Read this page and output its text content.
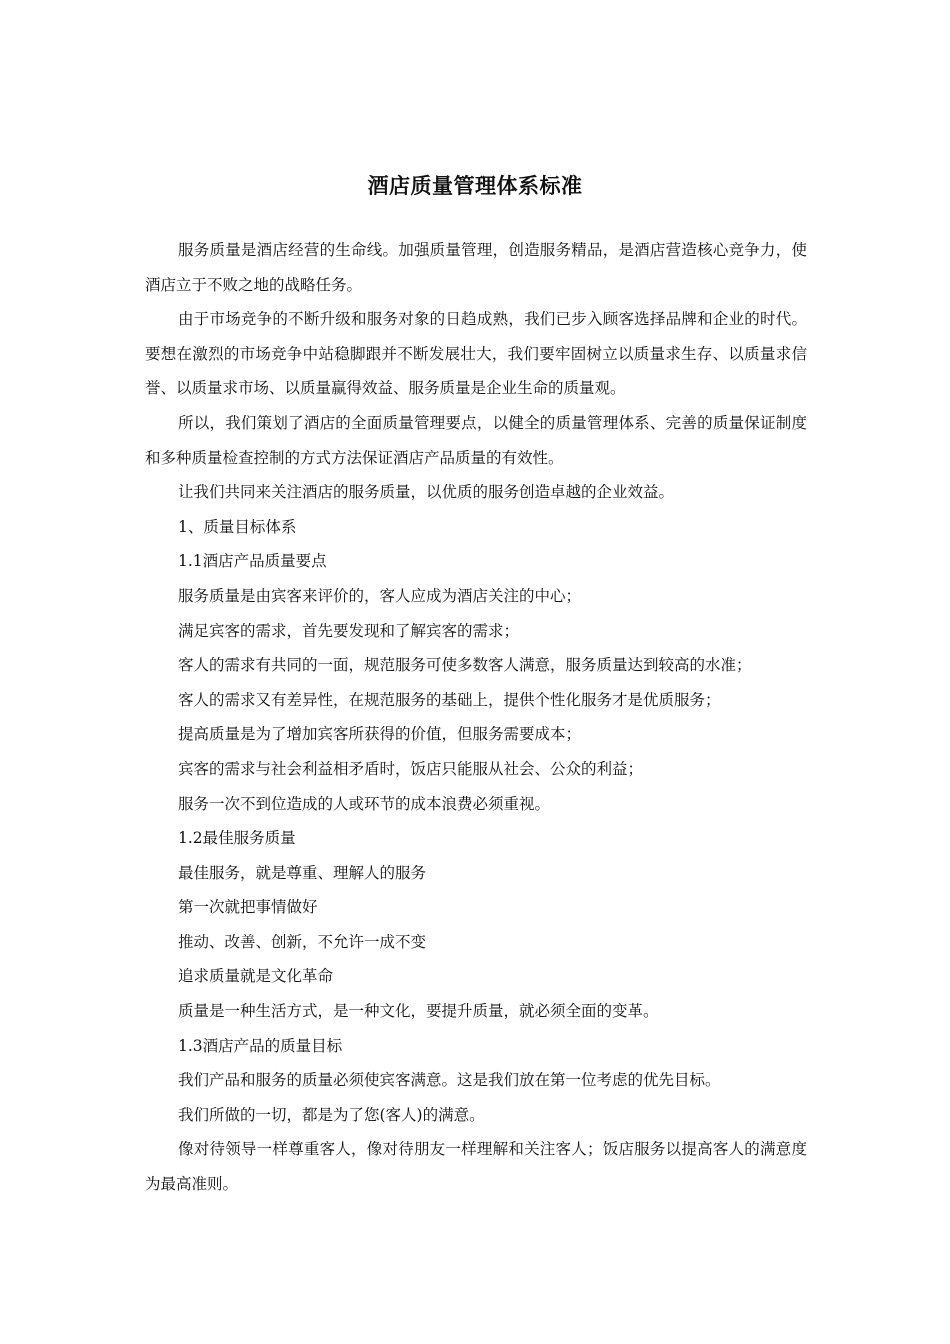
酒店质量管理体系标准

服务质量是酒店经营的生命线。加强质量管理，创造服务精品，是酒店营造核心竞争力，使酒店立于不败之地的战略任务。

由于市场竞争的不断升级和服务对象的日趋成熟，我们已步入顾客选择品牌和企业的时代。要想在激烈的市场竞争中站稳脚跟并不断发展壮大，我们要牢固树立以质量求生存、以质量求信誉、以质量求市场、以质量赢得效益、服务质量是企业生命的质量观。

所以，我们策划了酒店的全面质量管理要点，以健全的质量管理体系、完善的质量保证制度和多种质量检查控制的方式方法保证酒店产品质量的有效性。

让我们共同来关注酒店的服务质量，以优质的服务创造卓越的企业效益。

1、质量目标体系

1.1酒店产品质量要点

服务质量是由宾客来评价的，客人应成为酒店关注的中心；

满足宾客的需求，首先要发现和了解宾客的需求；

客人的需求有共同的一面，规范服务可使多数客人满意，服务质量达到较高的水准；

客人的需求又有差异性，在规范服务的基础上，提供个性化服务才是优质服务；

提高质量是为了增加宾客所获得的价值，但服务需要成本；

宾客的需求与社会利益相矛盾时，饭店只能服从社会、公众的利益；

服务一次不到位造成的人或环节的成本浪费必须重视。

1.2最佳服务质量

最佳服务，就是尊重、理解人的服务

第一次就把事情做好

推动、改善、创新，不允许一成不变

追求质量就是文化革命

质量是一种生活方式，是一种文化，要提升质量，就必须全面的变革。

1.3酒店产品的质量目标

我们产品和服务的质量必须使宾客满意。这是我们放在第一位考虑的优先目标。

我们所做的一切，都是为了您(客人)的满意。

像对待领导一样尊重客人，像对待朋友一样理解和关注客人；饭店服务以提高客人的满意度为最高准则。
